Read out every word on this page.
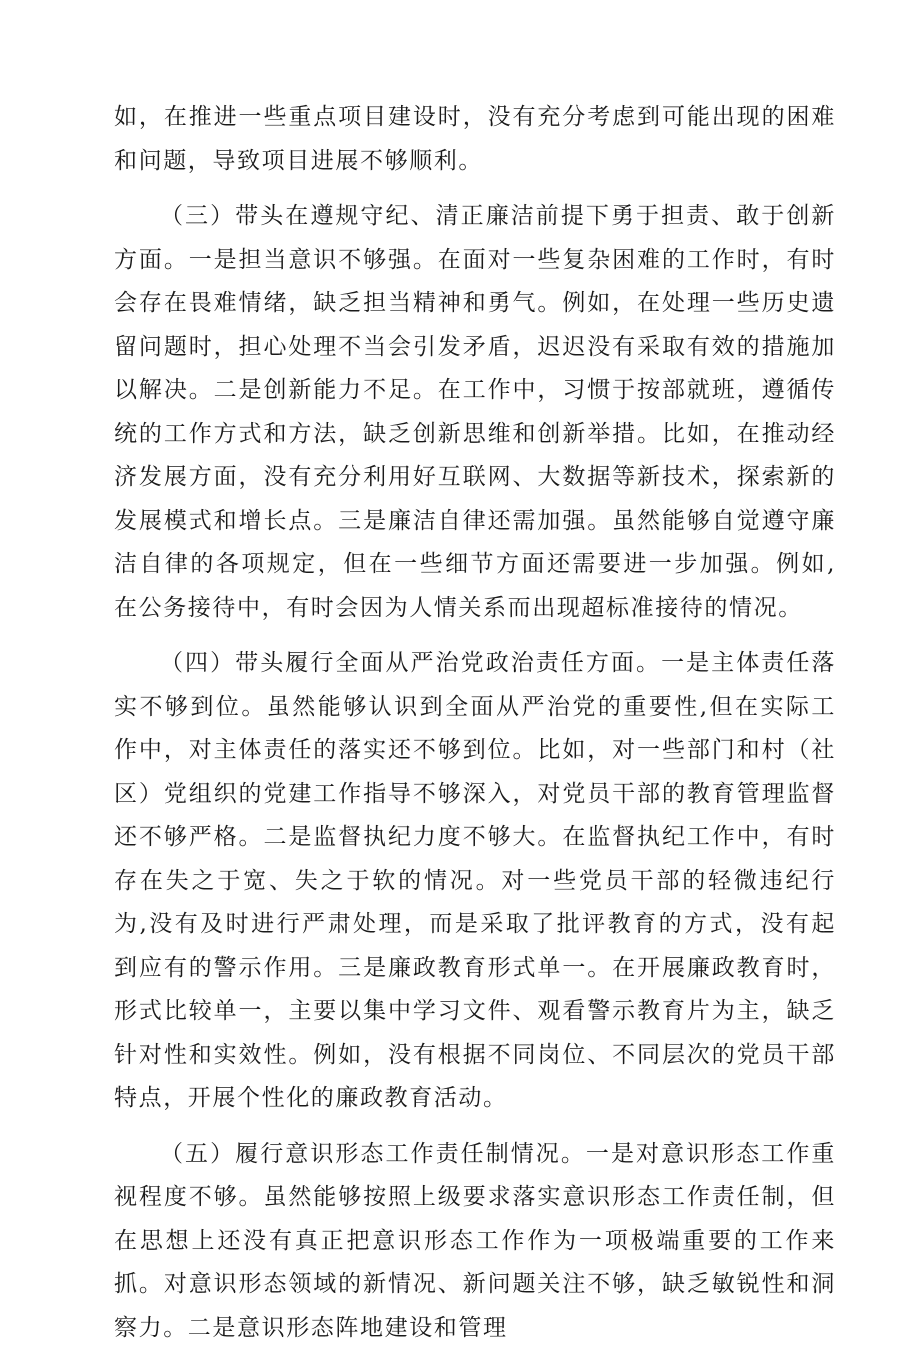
如，在推进一些重点项目建设时，没有充分考虑到可能出现的困难和问题，导致项目进展不够顺利。

（三）带头在遵规守纪、清正廉洁前提下勇于担责、敢于创新方面。一是担当意识不够强。在面对一些复杂困难的工作时，有时会存在畏难情绪，缺乏担当精神和勇气。例如，在处理一些历史遗留问题时，担心处理不当会引发矛盾，迟迟没有采取有效的措施加以解决。二是创新能力不足。在工作中，习惯于按部就班，遵循传统的工作方式和方法，缺乏创新思维和创新举措。比如，在推动经济发展方面，没有充分利用好互联网、大数据等新技术，探索新的发展模式和增长点。三是廉洁自律还需加强。虽然能够自觉遵守廉洁自律的各项规定，但在一些细节方面还需要进一步加强。例如,在公务接待中，有时会因为人情关系而出现超标准接待的情况。

（四）带头履行全面从严治党政治责任方面。一是主体责任落实不够到位。虽然能够认识到全面从严治党的重要性,但在实际工作中，对主体责任的落实还不够到位。比如，对一些部门和村（社区）党组织的党建工作指导不够深入，对党员干部的教育管理监督还不够严格。二是监督执纪力度不够大。在监督执纪工作中，有时存在失之于宽、失之于软的情况。对一些党员干部的轻微违纪行为,没有及时进行严肃处理，而是采取了批评教育的方式，没有起到应有的警示作用。三是廉政教育形式单一。在开展廉政教育时，形式比较单一，主要以集中学习文件、观看警示教育片为主，缺乏针对性和实效性。例如，没有根据不同岗位、不同层次的党员干部特点，开展个性化的廉政教育活动。

（五）履行意识形态工作责任制情况。一是对意识形态工作重视程度不够。虽然能够按照上级要求落实意识形态工作责任制，但在思想上还没有真正把意识形态工作作为一项极端重要的工作来抓。对意识形态领域的新情况、新问题关注不够，缺乏敏锐性和洞察力。二是意识形态阵地建设和管理
